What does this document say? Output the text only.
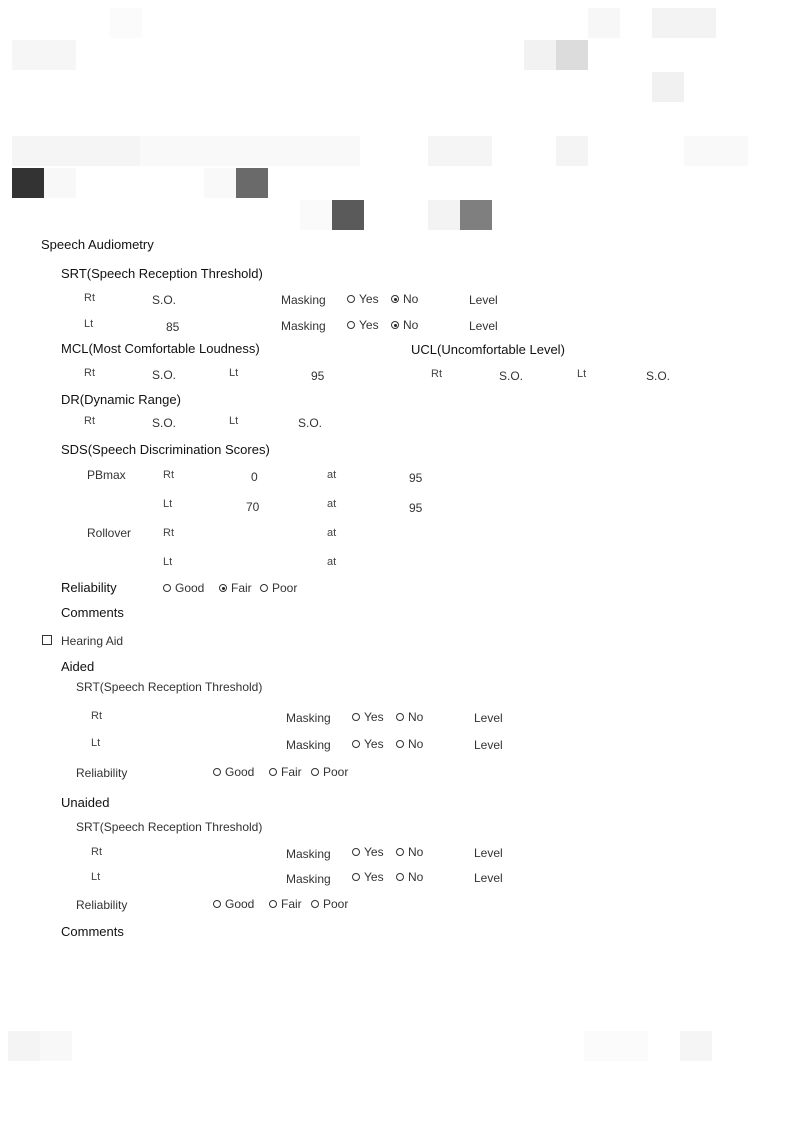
Speech Audiometry
SRT(Speech Reception Threshold)
Rt	S.O.	Masking	Yes No	Level
Lt	85	Masking	Yes No	Level
MCL(Most Comfortable Loudness)	UCL(Uncomfortable Level)
Rt	S.O.	Lt	95	Rt	S.O.	Lt	S.O.
DR(Dynamic Range)
Rt	S.O.	Lt	S.O.
SDS(Speech Discrimination Scores)
PBmax	Rt	0	at	95
Lt	70	at	95
Rollover	Rt	at
Lt	at
Reliability	Good Fair Poor
Comments
Hearing Aid
Aided
SRT(Speech Reception Threshold)
Rt	Masking	Yes No	Level
Lt	Masking	Yes No	Level
Reliability	Good Fair Poor
Unaided
SRT(Speech Reception Threshold)
Rt	Masking	Yes No	Level
Lt	Masking	Yes No	Level
Reliability	Good Fair Poor
Comments
